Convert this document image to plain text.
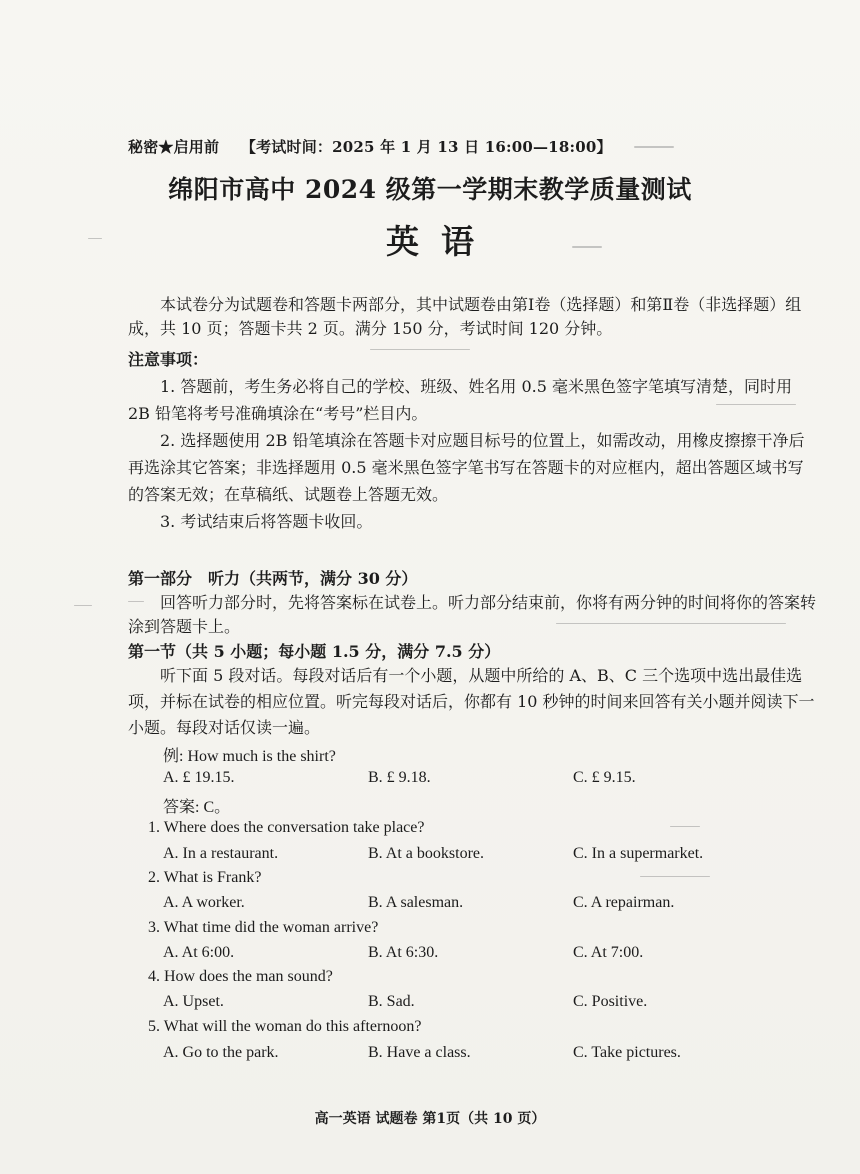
秘密★启用前 【考试时间：2025 年 1 月 13 日 16:00—18:00】
绵阳市高中 2024 级第一学期末教学质量测试
英语
本试卷分为试题卷和答题卡两部分，其中试题卷由第Ⅰ卷（选择题）和第Ⅱ卷（非选择题）组成，共 10 页；答题卡共 2 页。满分 150 分，考试时间 120 分钟。
注意事项：
1. 答题前，考生务必将自己的学校、班级、姓名用 0.5 毫米黑色签字笔填写清楚，同时用 2B 铅笔将考号准确填涂在“考号”栏目内。
2. 选择题使用 2B 铅笔填涂在答题卡对应题目标号的位置上，如需改动，用橡皮擦擦干净后再选涂其它答案；非选择题用 0.5 毫米黑色签字笔书写在答题卡的对应框内，超出答题区域书写的答案无效；在草稿纸、试题卷上答题无效。
3. 考试结束后将答题卡收回。
第一部分　听力（共两节，满分 30 分）
回答听力部分时，先将答案标在试卷上。听力部分结束前，你将有两分钟的时间将你的答案转涂到答题卡上。
第一节（共 5 小题；每小题 1.5 分，满分 7.5 分）
听下面 5 段对话。每段对话后有一个小题，从题中所给的 A、B、C 三个选项中选出最佳选项，并标在试卷的相应位置。听完每段对话后，你都有 10 秒钟的时间来回答有关小题并阅读下一小题。每段对话仅读一遍。
例: How much is the shirt?
A. £ 19.15.	B. £ 9.18.	C. £ 9.15.
答案: C。
1. Where does the conversation take place?
A. In a restaurant.	B. At a bookstore.	C. In a supermarket.
2. What is Frank?
A. A worker.	B. A salesman.	C. A repairman.
3. What time did the woman arrive?
A. At 6:00.	B. At 6:30.	C. At 7:00.
4. How does the man sound?
A. Upset.	B. Sad.	C. Positive.
5. What will the woman do this afternoon?
A. Go to the park.	B. Have a class.	C. Take pictures.
高一英语 试题卷 第1页（共 10 页）
